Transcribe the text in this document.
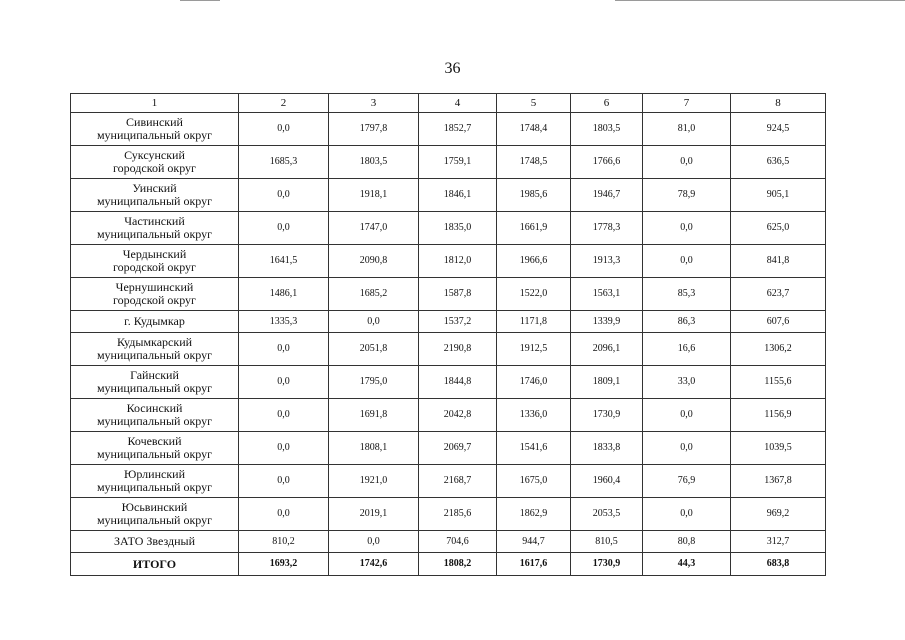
36
1	2	3	4	5	6	7	8
Сивинский
муниципальный округ	0,0	1797,8	1852,7	1748,4	1803,5	81,0	924,5
Суксунский
городской округ	1685,3	1803,5	1759,1	1748,5	1766,6	0,0	636,5
Уинский
муниципальный округ	0,0	1918,1	1846,1	1985,6	1946,7	78,9	905,1
Частинский
муниципальный округ	0,0	1747,0	1835,0	1661,9	1778,3	0,0	625,0
Чердынский
городской округ	1641,5	2090,8	1812,0	1966,6	1913,3	0,0	841,8
Чернушинский
городской округ	1486,1	1685,2	1587,8	1522,0	1563,1	85,3	623,7
г. Кудымкар	1335,3	0,0	1537,2	1171,8	1339,9	86,3	607,6
Кудымкарский
муниципальный округ	0,0	2051,8	2190,8	1912,5	2096,1	16,6	1306,2
Гайнский
муниципальный округ	0,0	1795,0	1844,8	1746,0	1809,1	33,0	1155,6
Косинский
муниципальный округ	0,0	1691,8	2042,8	1336,0	1730,9	0,0	1156,9
Кочевский
муниципальный округ	0,0	1808,1	2069,7	1541,6	1833,8	0,0	1039,5
Юрлинский
муниципальный округ	0,0	1921,0	2168,7	1675,0	1960,4	76,9	1367,8
Юсьвинский
муниципальный округ	0,0	2019,1	2185,6	1862,9	2053,5	0,0	969,2
ЗАТО Звездный	810,2	0,0	704,6	944,7	810,5	80,8	312,7
ИТОГО	1693,2	1742,6	1808,2	1617,6	1730,9	44,3	683,8
